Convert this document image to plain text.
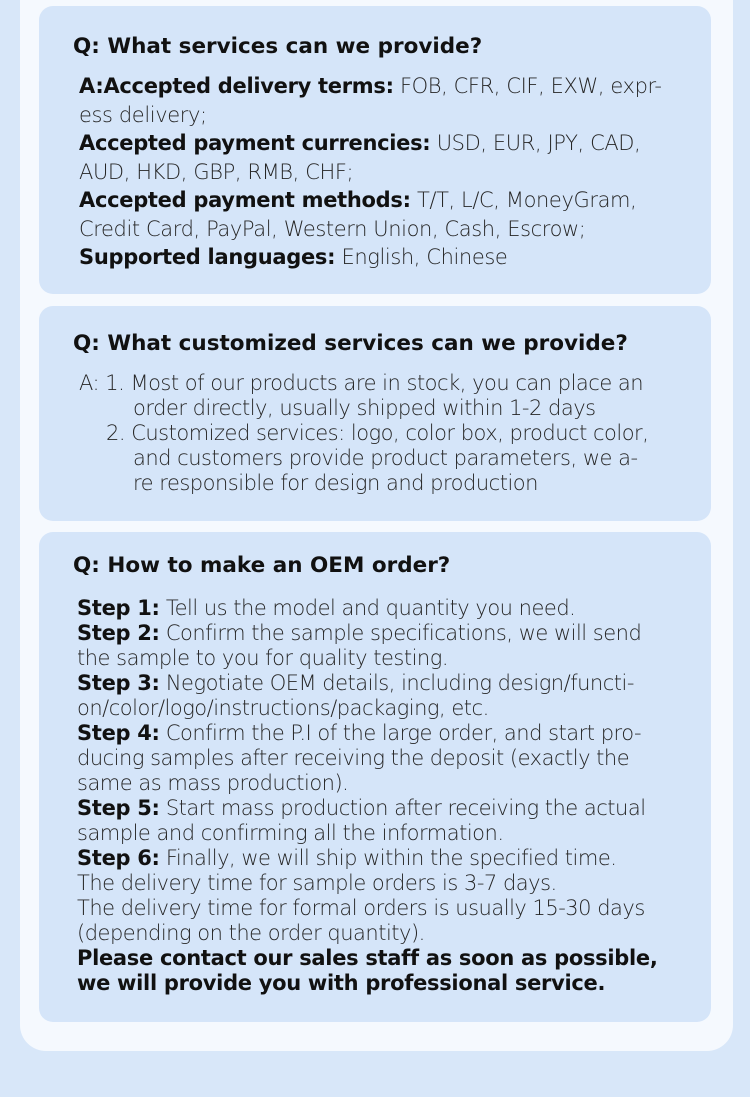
Q: What services can we provide?
A:Accepted delivery terms: FOB, CFR, CIF, EXW, expr-
ess delivery;
Accepted payment currencies: USD, EUR, JPY, CAD,
AUD, HKD, GBP, RMB, CHF;
Accepted payment methods: T/T, L/C, MoneyGram,
Credit Card, PayPal, Western Union, Cash, Escrow;
Supported languages: English, Chinese
Q: What customized services can we provide?
A: 1. Most of our products are in stock, you can place an
order directly, usually shipped within 1-2 days
2. Customized services: logo, color box, product color,
and customers provide product parameters, we a-
re responsible for design and production
Q: How to make an OEM order?
Step 1: Tell us the model and quantity you need.
Step 2: Confirm the sample specifications, we will send
the sample to you for quality testing.
Step 3: Negotiate OEM details, including design/functi-
on/color/logo/instructions/packaging, etc.
Step 4: Confirm the P.I of the large order, and start pro-
ducing samples after receiving the deposit (exactly the
same as mass production).
Step 5: Start mass production after receiving the actual
sample and confirming all the information.
Step 6: Finally, we will ship within the specified time.
The delivery time for sample orders is 3-7 days.
The delivery time for formal orders is usually 15-30 days
(depending on the order quantity).
Please contact our sales staff as soon as possible,
we will provide you with professional service.
